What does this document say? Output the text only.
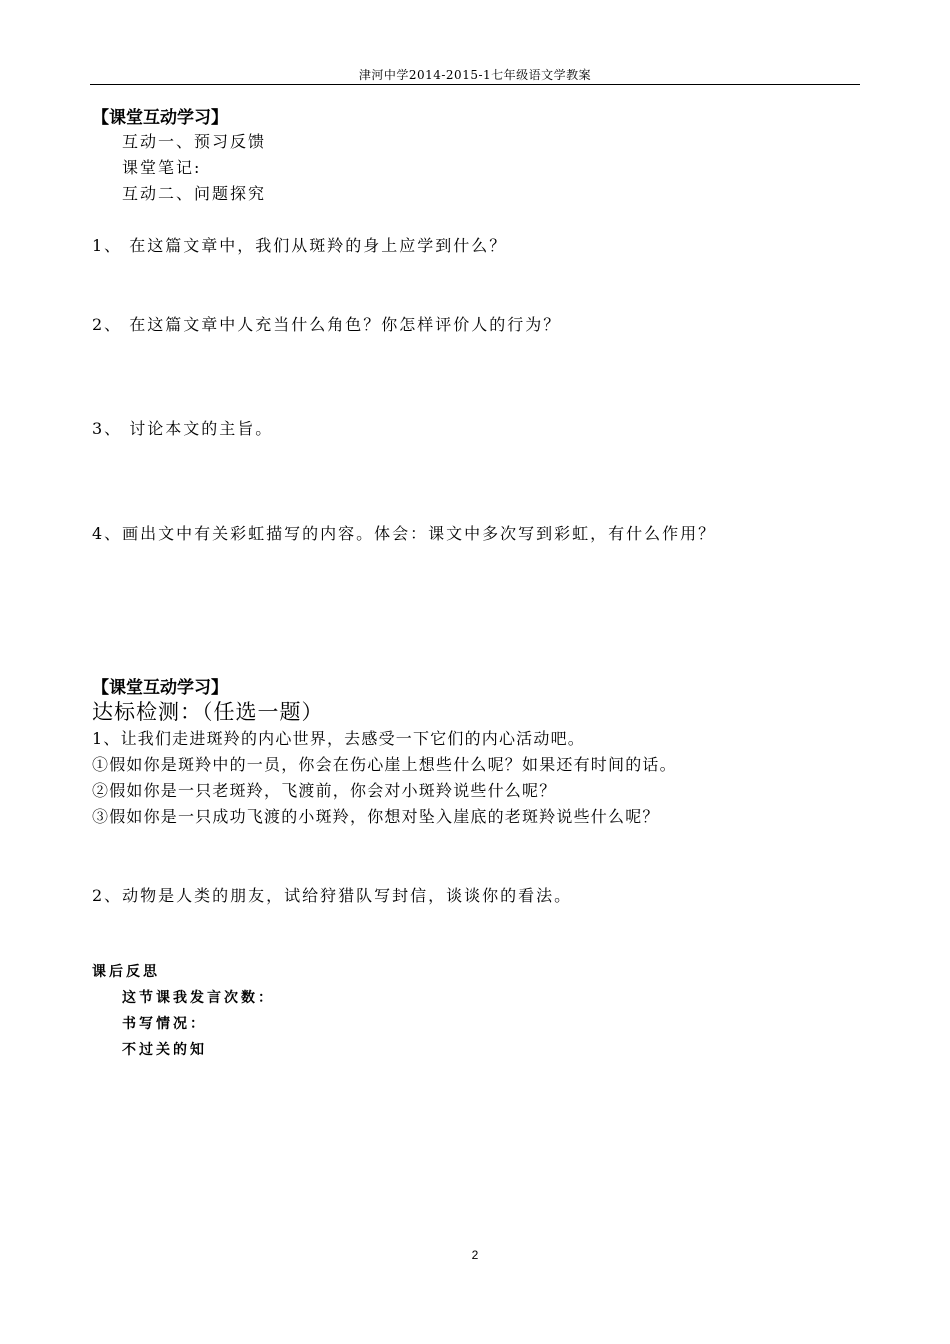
津河中学2014-2015-1七年级语文学教案
【课堂互动学习】
互动一、预习反馈
课堂笔记:
互动二、问题探究
1、 在这篇文章中，我们从斑羚的身上应学到什么？
2、 在这篇文章中人充当什么角色？你怎样评价人的行为？
3、 讨论本文的主旨。
4、画出文中有关彩虹描写的内容。体会：课文中多次写到彩虹，有什么作用？
【课堂互动学习】
达标检测：（任选一题）
1、让我们走进斑羚的内心世界，去感受一下它们的内心活动吧。
①假如你是斑羚中的一员，你会在伤心崖上想些什么呢？如果还有时间的话。
②假如你是一只老斑羚，飞渡前，你会对小斑羚说些什么呢？
③假如你是一只成功飞渡的小斑羚，你想对坠入崖底的老斑羚说些什么呢？
2、动物是人类的朋友，试给狩猎队写封信，谈谈你的看法。
课后反思
这节课我发言次数：
书写情况：
不过关的知
2
